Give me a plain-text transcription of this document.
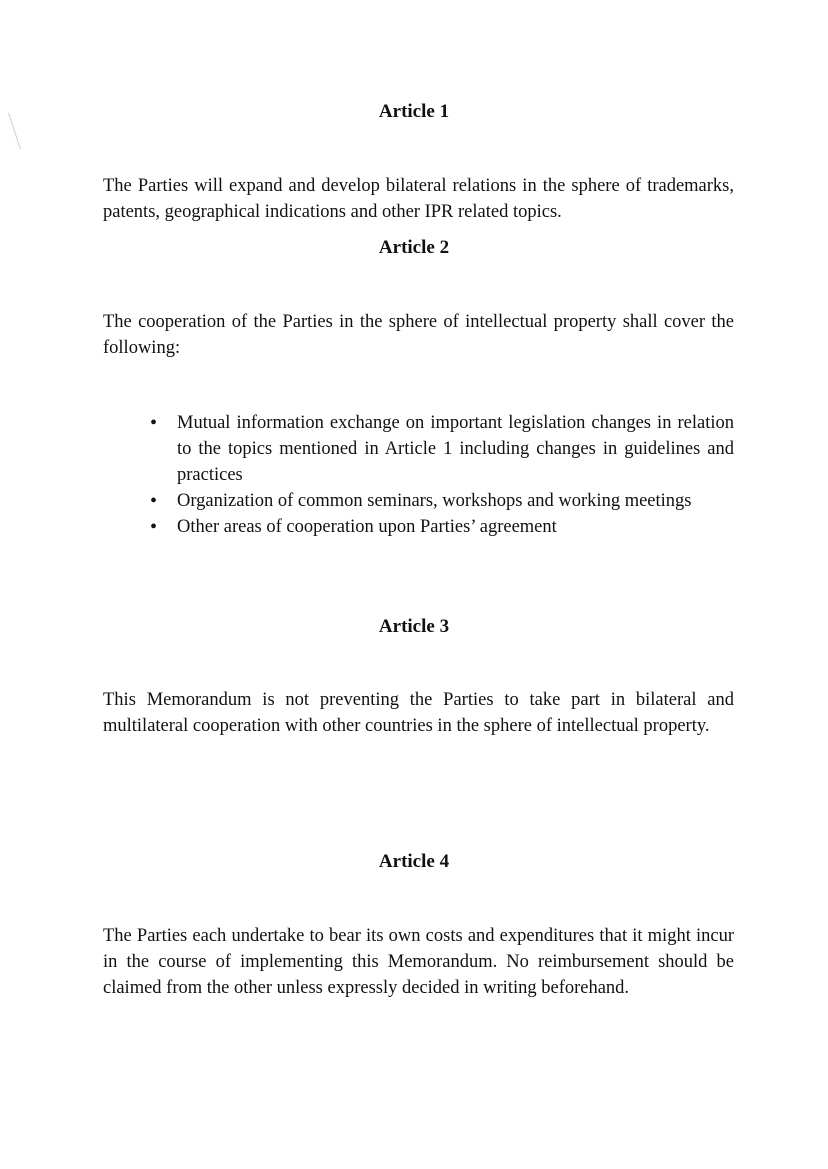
Article 1

The Parties will expand and develop bilateral relations in the sphere of trademarks, patents, geographical indications and other IPR related topics.

Article 2

The cooperation of the Parties in the sphere of intellectual property shall cover the following:

• Mutual information exchange on important legislation changes in relation to the topics mentioned in Article 1 including changes in guidelines and practices
• Organization of common seminars, workshops and working meetings
• Other areas of cooperation upon Parties’ agreement
Article 3

This Memorandum is not preventing the Parties to take part in bilateral and multilateral cooperation with other countries in the sphere of intellectual property.

Article 4

The Parties each undertake to bear its own costs and expenditures that it might incur in the course of implementing this Memorandum. No reimbursement should be claimed from the other unless expressly decided in writing beforehand.
